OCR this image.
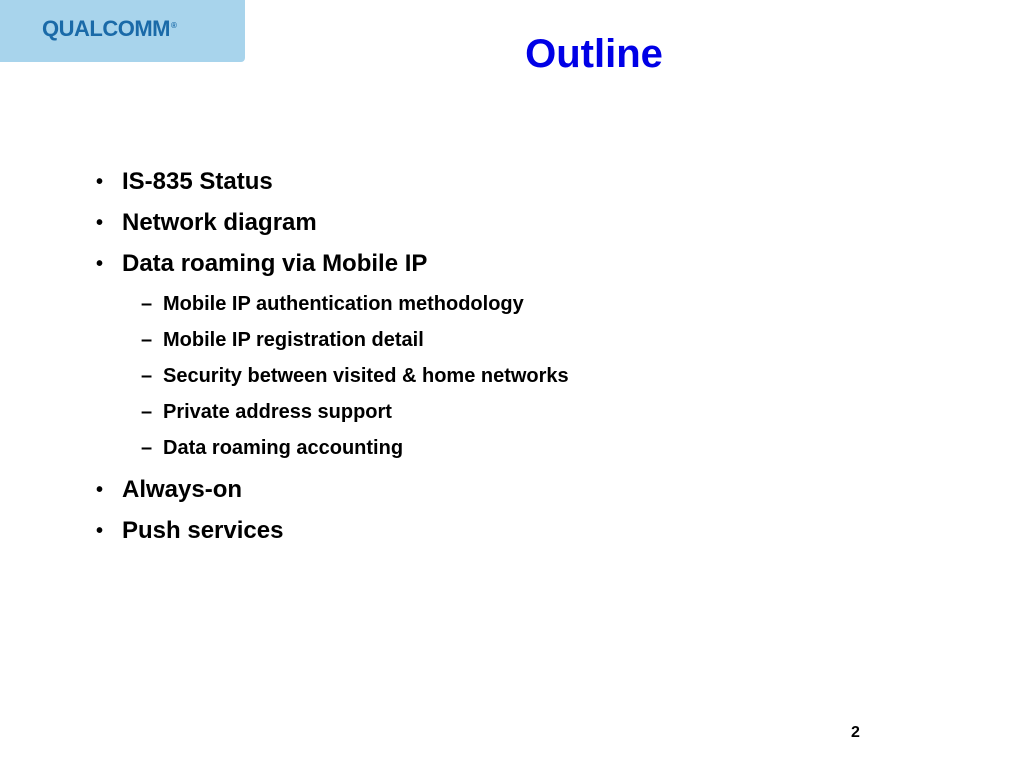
QUALCOMM®
Outline
• IS-835 Status
• Network diagram
• Data roaming via Mobile IP
– Mobile IP authentication methodology
– Mobile IP registration detail
– Security between visited & home networks
– Private address support
– Data roaming accounting
• Always-on
• Push services
2
